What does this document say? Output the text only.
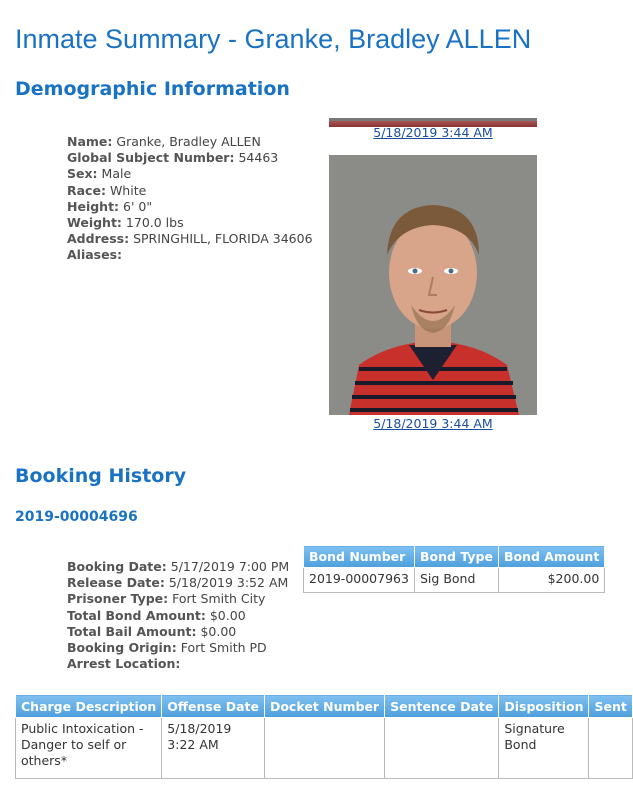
Inmate Summary - Granke, Bradley ALLEN
Demographic Information
Name: Granke, Bradley ALLEN
Global Subject Number: 54463
Sex: Male
Race: White
Height: 6' 0"
Weight: 170.0 lbs
Address: SPRINGHILL, FLORIDA 34606
Aliases:
5/18/2019 3:44 AM
5/18/2019 3:44 AM
Booking History
2019-00004696
Booking Date: 5/17/2019 7:00 PM
Release Date: 5/18/2019 3:52 AM
Prisoner Type: Fort Smith City
Total Bond Amount: $0.00
Total Bail Amount: $0.00
Booking Origin: Fort Smith PD
Arrest Location:
Bond Number	Bond Type	Bond Amount
2019-00007963	Sig Bond	$200.00
Charge Description	Offense Date	Docket Number	Sentence Date	Disposition	Sent
Public Intoxication - Danger to self or others*	5/18/2019 3:22 AM			Signature Bond	
